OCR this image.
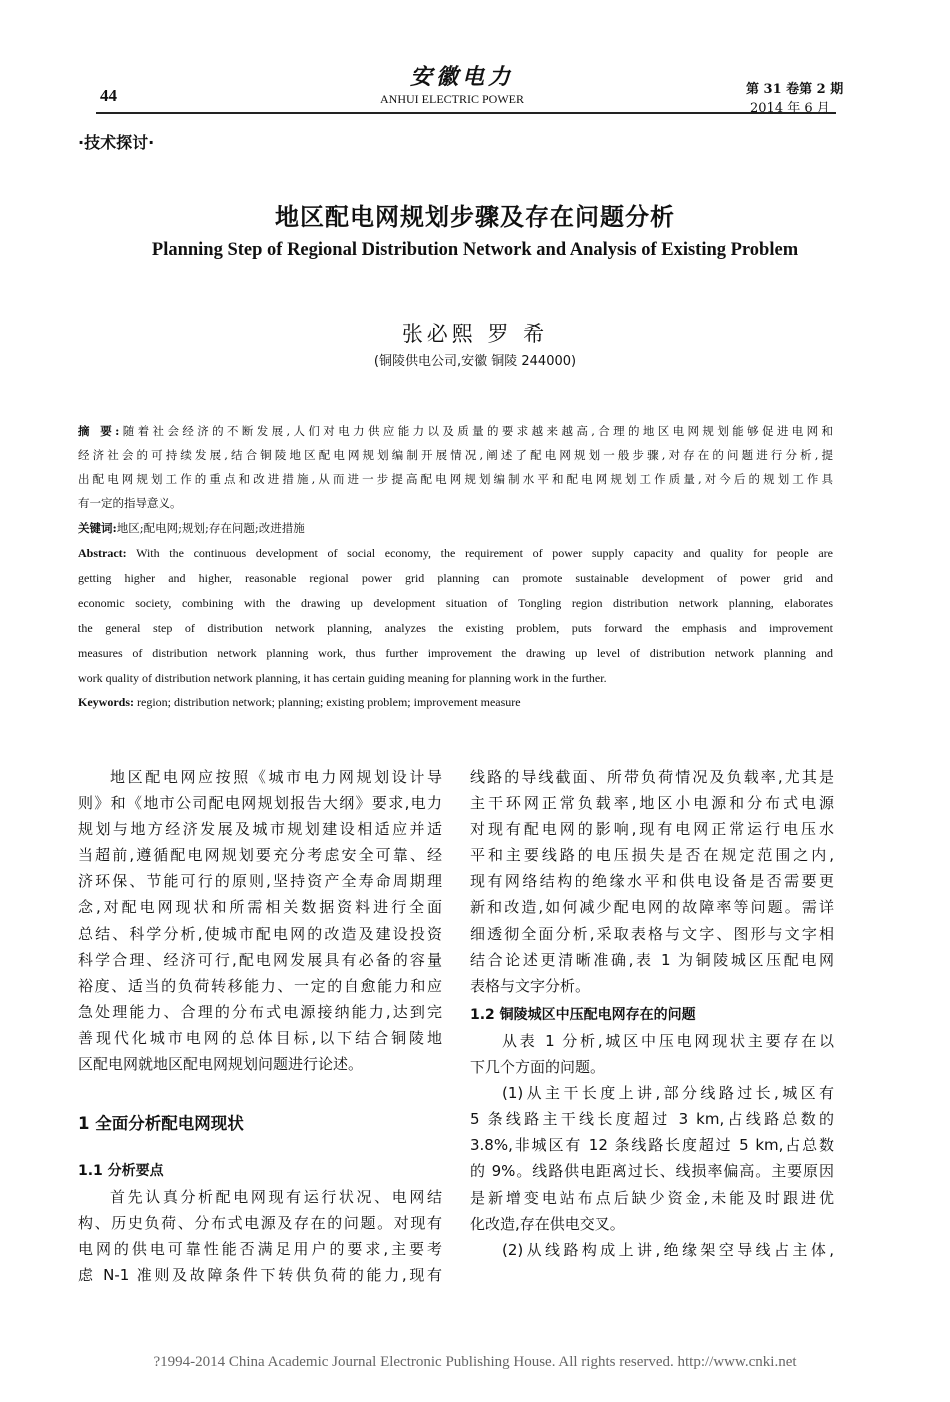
44
安徽电力
ANHUI ELECTRIC POWER
第 31 卷第 2 期
2014 年 6 月
·技术探讨·
地区配电网规划步骤及存在问题分析
Planning Step of Regional Distribution Network and Analysis of Existing Problem
张必熙 罗 希
(铜陵供电公司,安徽 铜陵 244000)
摘 要:随着社会经济的不断发展,人们对电力供应能力以及质量的要求越来越高,合理的地区电网规划能够促进电网和
经济社会的可持续发展,结合铜陵地区配电网规划编制开展情况,阐述了配电网规划一般步骤,对存在的问题进行分析,提
出配电网规划工作的重点和改进措施,从而进一步提高配电网规划编制水平和配电网规划工作质量,对今后的规划工作具
有一定的指导意义。
关键词:地区;配电网;规划;存在问题;改进措施
Abstract: With the continuous development of social economy, the requirement of power supply capacity and quality for people are
getting higher and higher, reasonable regional power grid planning can promote sustainable development of power grid and
economic society, combining with the drawing up development situation of Tongling region distribution network planning, elaborates
the general step of distribution network planning, analyzes the existing problem, puts forward the emphasis and improvement
measures of distribution network planning work, thus further improvement the drawing up level of distribution network planning and
work quality of distribution network planning, it has certain guiding meaning for planning work in the further.
Keywords: region; distribution network; planning; existing problem; improvement measure
地区配电网应按照《城市电力网规划设计导
则》和《地市公司配电网规划报告大纲》要求,电力
规划与地方经济发展及城市规划建设相适应并适
当超前,遵循配电网规划要充分考虑安全可靠、经
济环保、节能可行的原则,坚持资产全寿命周期理
念,对配电网现状和所需相关数据资料进行全面
总结、科学分析,使城市配电网的改造及建设投资
科学合理、经济可行,配电网发展具有必备的容量
裕度、适当的负荷转移能力、一定的自愈能力和应
急处理能力、合理的分布式电源接纳能力,达到完
善现代化城市电网的总体目标,以下结合铜陵地
区配电网就地区配电网规划问题进行论述。
1 全面分析配电网现状
1.1 分析要点
首先认真分析配电网现有运行状况、电网结
构、历史负荷、分布式电源及存在的问题。对现有
电网的供电可靠性能否满足用户的要求,主要考
虑 N-1 准则及故障条件下转供负荷的能力,现有
线路的导线截面、所带负荷情况及负载率,尤其是
主干环网正常负载率,地区小电源和分布式电源
对现有配电网的影响,现有电网正常运行电压水
平和主要线路的电压损失是否在规定范围之内,
现有网络结构的绝缘水平和供电设备是否需要更
新和改造,如何减少配电网的故障率等问题。需详
细透彻全面分析,采取表格与文字、图形与文字相
结合论述更清晰准确,表 1 为铜陵城区压配电网
表格与文字分析。
1.2 铜陵城区中压配电网存在的问题
从表 1 分析,城区中压电网现状主要存在以
下几个方面的问题。
(1)从主干长度上讲,部分线路过长,城区有
5 条线路主干线长度超过 3 km,占线路总数的
3.8%,非城区有 12 条线路长度超过 5 km,占总数
的 9%。线路供电距离过长、线损率偏高。主要原因
是新增变电站布点后缺少资金,未能及时跟进优
化改造,存在供电交叉。
(2)从线路构成上讲,绝缘架空导线占主体,
?1994-2014 China Academic Journal Electronic Publishing House. All rights reserved. http://www.cnki.net
